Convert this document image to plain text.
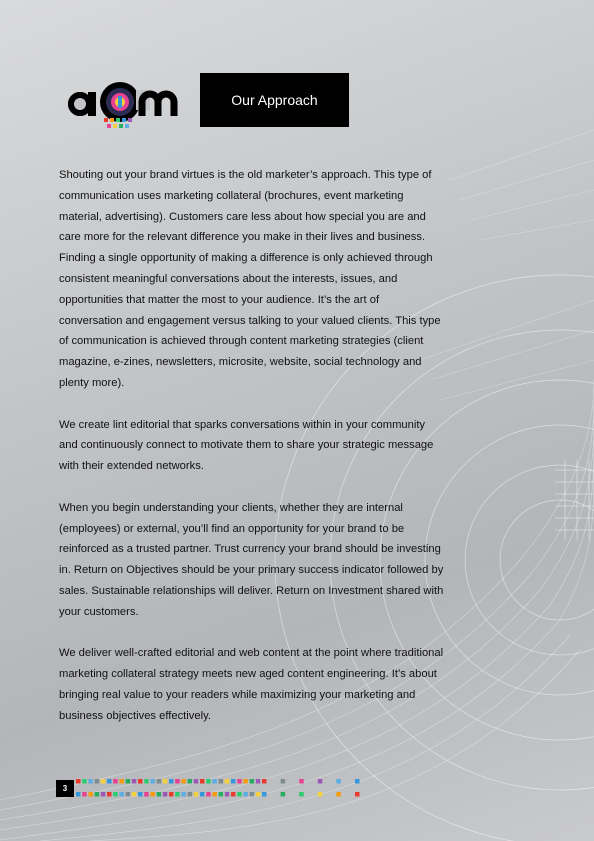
Our Approach

Shouting out your brand virtues is the old marketer’s approach. This type of communication uses marketing collateral (brochures, event marketing material, advertising). Customers care less about how special you are and care more for the relevant difference you make in their lives and business. Finding a single opportunity of making a difference is only achieved through consistent meaningful conversations about the interests, issues, and opportunities that matter the most to your audience. It’s the art of conversation and engagement versus talking to your valued clients. This type of communication is achieved through content marketing strategies (client magazine, e-zines, newsletters, microsite, website, social technology and plenty more).

We create lint editorial that sparks conversations within in your community and continuously connect to motivate them to share your strategic message with their extended networks.

When you begin understanding your clients, whether they are internal (employees) or external, you’ll find an opportunity for your brand to be reinforced as a trusted partner. Trust currency your brand should be investing in. Return on Objectives should be your primary success indicator followed by sales. Sustainable relationships will deliver. Return on Investment shared with your customers.

We deliver well-crafted editorial and web content at the point where traditional marketing collateral strategy meets new aged content engineering. It’s about bringing real value to your readers while maximizing your marketing and business objectives effectively.

3
